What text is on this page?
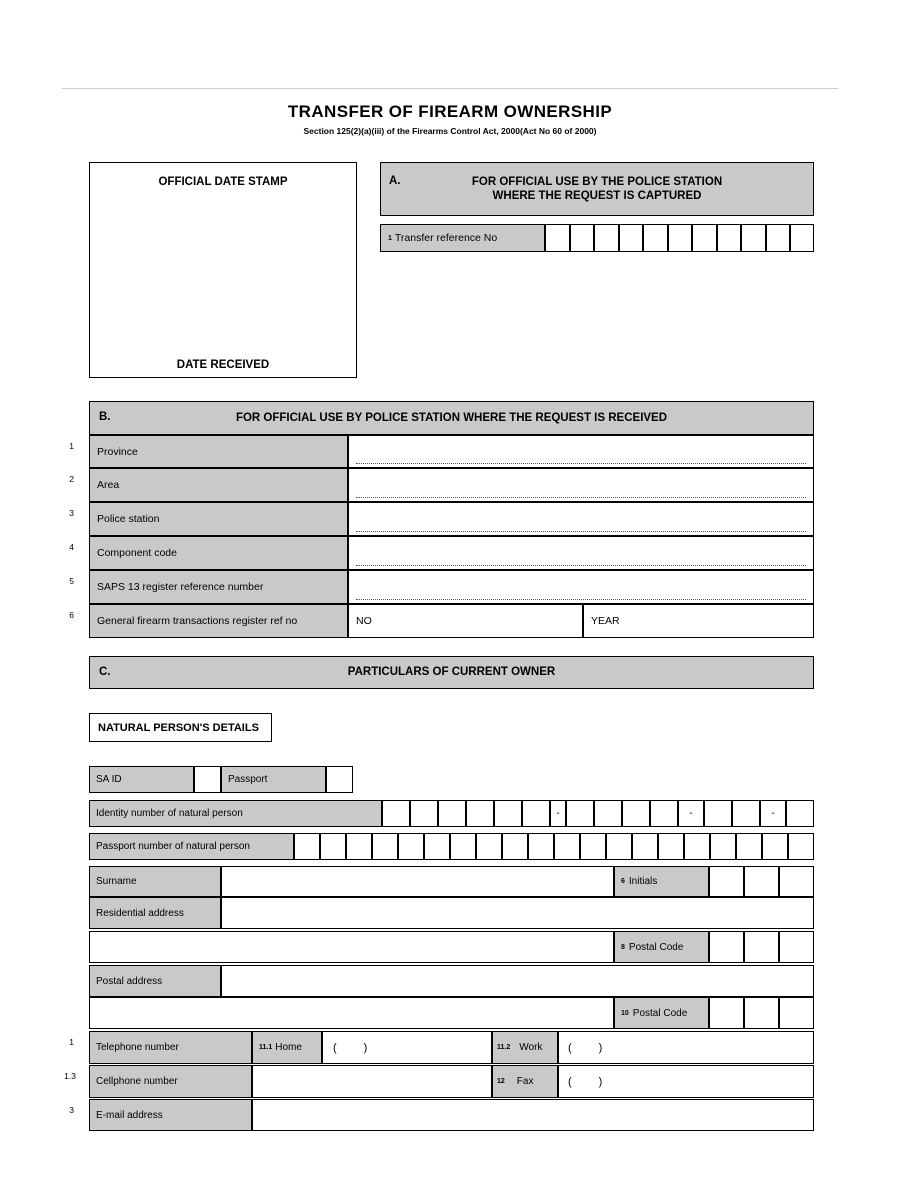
TRANSFER OF FIREARM OWNERSHIP
Section 125(2)(a)(iii) of the Firearms Control Act, 2000(Act No 60 of 2000)
OFFICIAL DATE STAMP
DATE RECEIVED
FOR OFFICIAL USE BY THE POLICE STATION
WHERE THE REQUEST IS CAPTURED
A.
1 Transfer reference No
FOR OFFICIAL USE BY POLICE STATION WHERE THE REQUEST IS RECEIVED
B.
1	Province
2	Area
3	Police station
4	Component code
5	SAPS 13 register reference number
6	General firearm transactions register ref no	NO	YEAR
PARTICULARS OF CURRENT OWNER
C.
NATURAL PERSON'S DETAILS
SA ID	Passport
Identity number of natural person	-	-	-
Passport number of natural person
Surname	6 Initials
Residential address
8 Postal Code
Postal address
10 Postal Code
1	Telephone number	11.1 Home	( )	11.2 Work ( )
1.3	Cellphone number	12 Fax	( )
3	E-mail address
